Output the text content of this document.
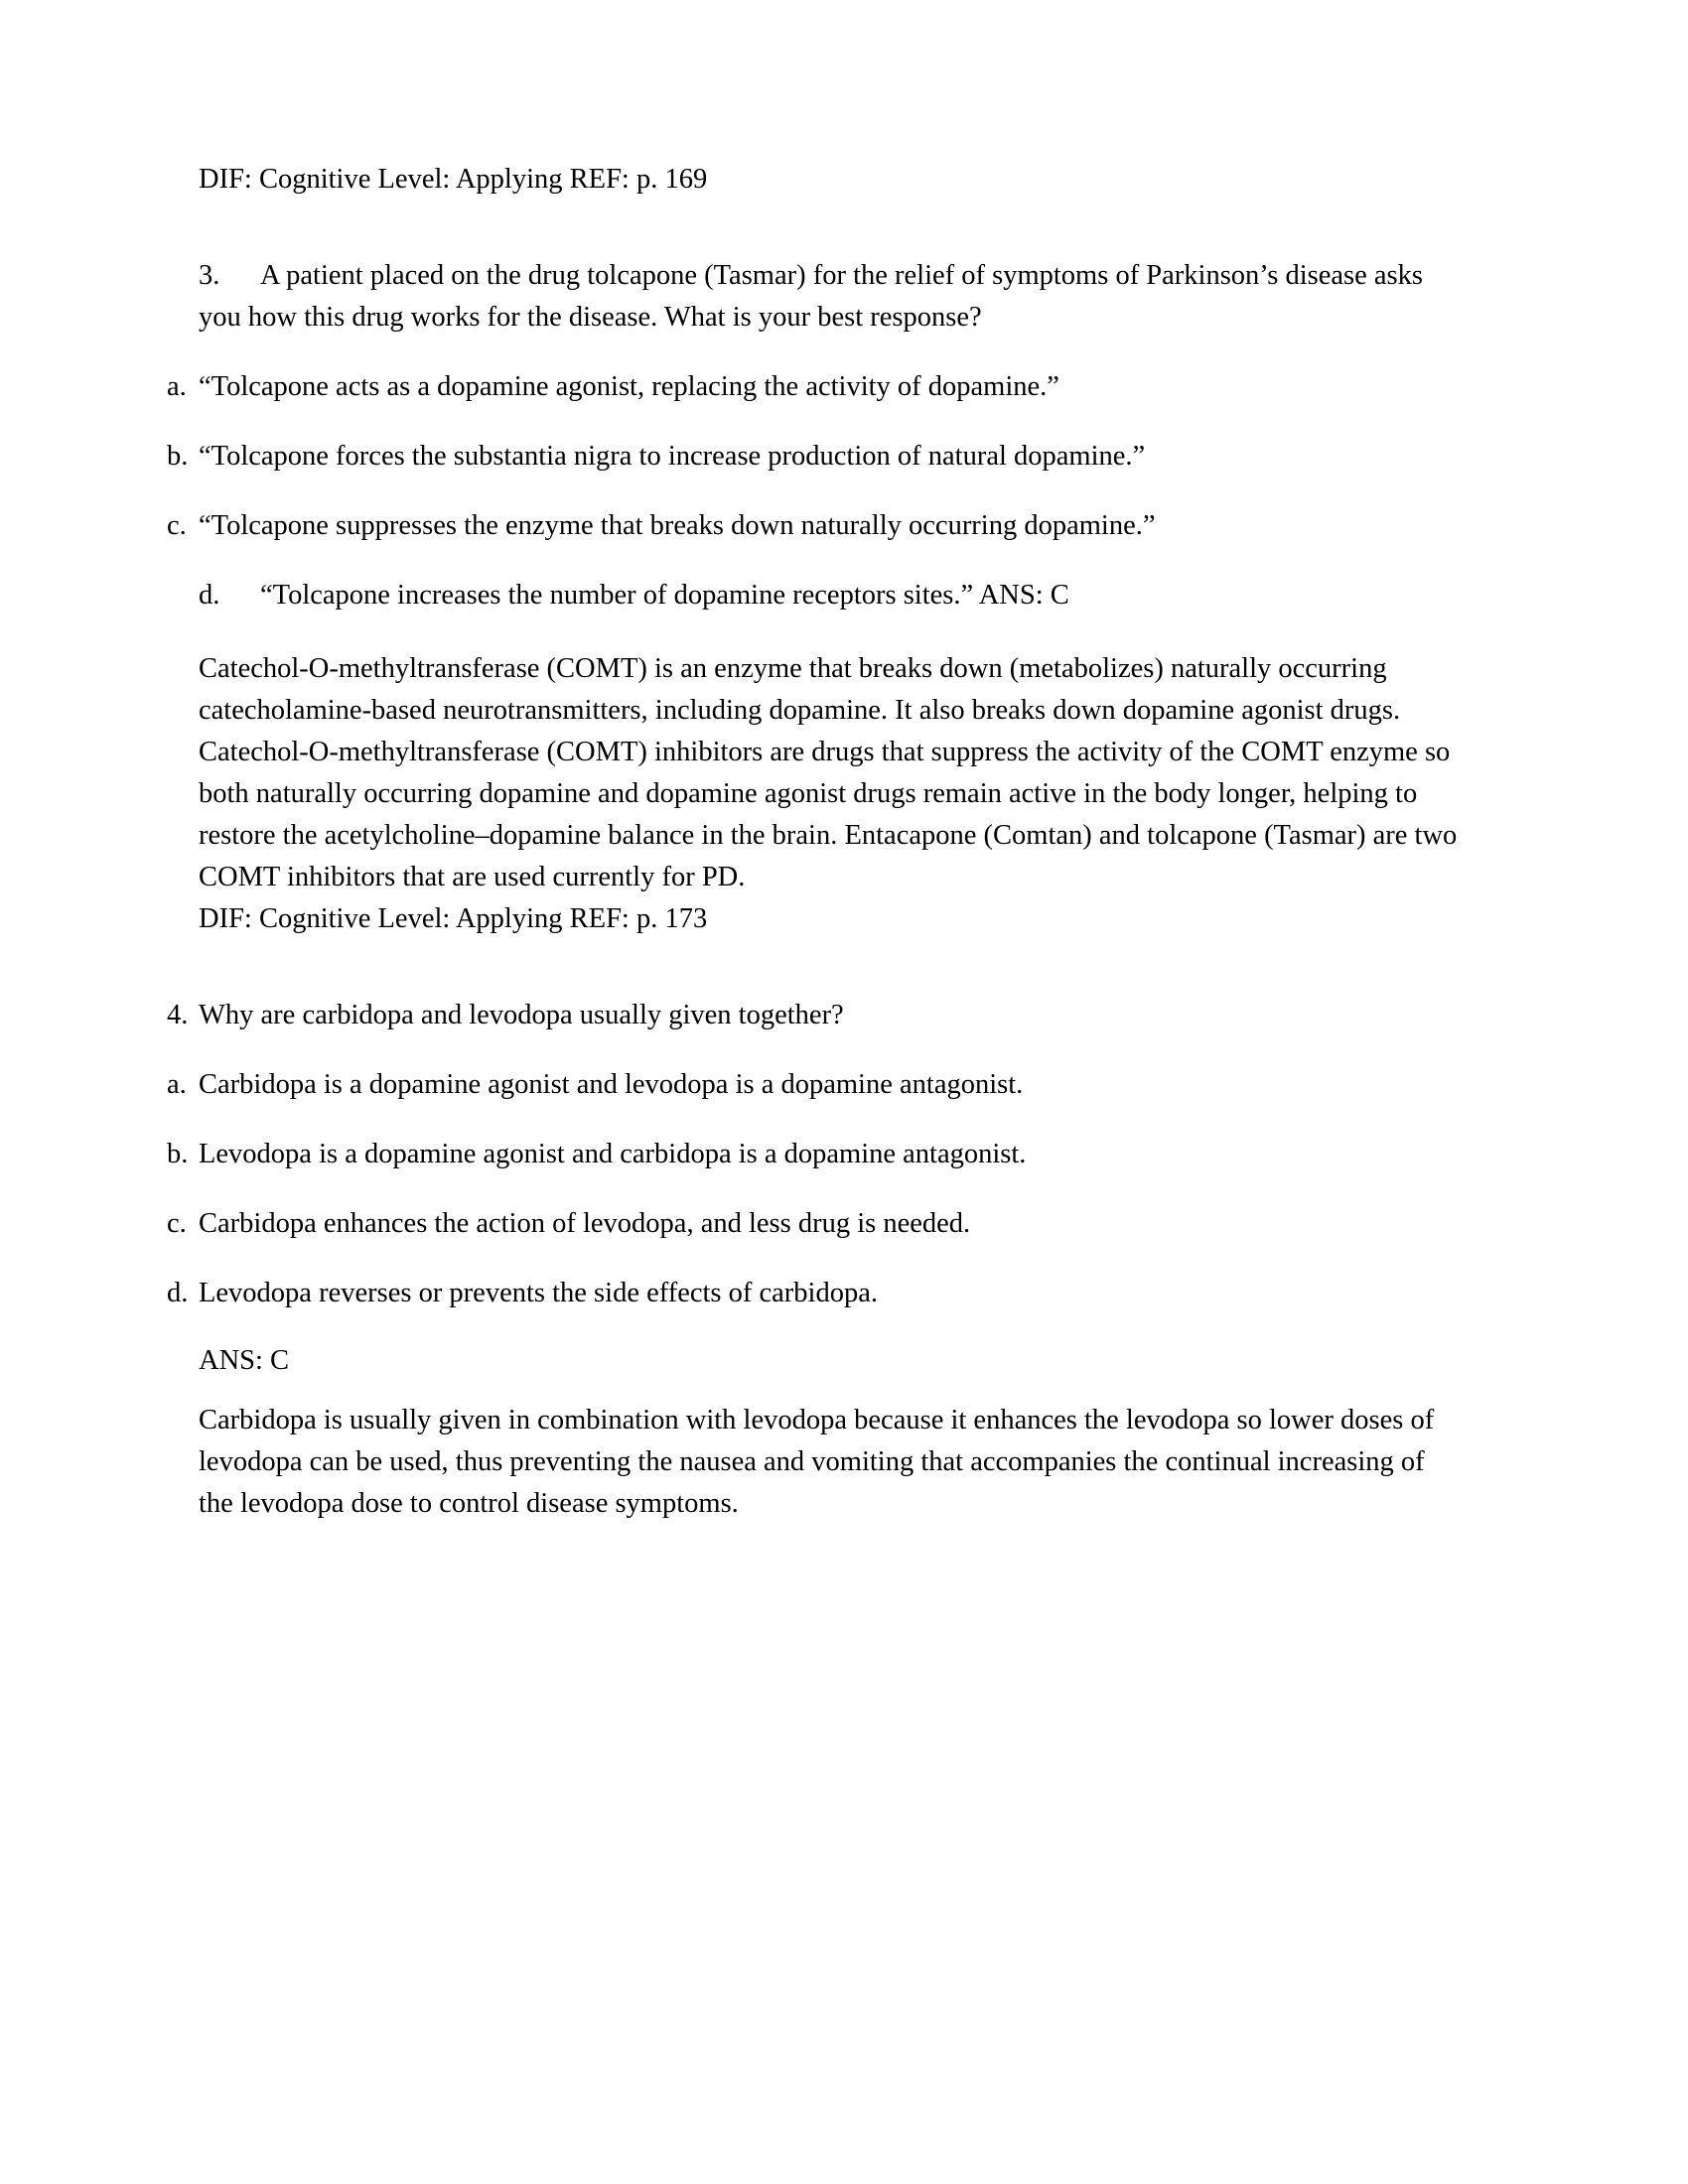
DIF: Cognitive Level: Applying REF: p. 169

3. A patient placed on the drug tolcapone (Tasmar) for the relief of symptoms of Parkinson’s disease asks you how this drug works for the disease. What is your best response?

a. “Tolcapone acts as a dopamine agonist, replacing the activity of dopamine.”

b. “Tolcapone forces the substantia nigra to increase production of natural dopamine.”

c. “Tolcapone suppresses the enzyme that breaks down naturally occurring dopamine.”

d. “Tolcapone increases the number of dopamine receptors sites.” ANS: C

Catechol-O-methyltransferase (COMT) is an enzyme that breaks down (metabolizes) naturally occurring catecholamine-based neurotransmitters, including dopamine. It also breaks down dopamine agonist drugs. Catechol-O-methyltransferase (COMT) inhibitors are drugs that suppress the activity of the COMT enzyme so both naturally occurring dopamine and dopamine agonist drugs remain active in the body longer, helping to restore the acetylcholine–dopamine balance in the brain. Entacapone (Comtan) and tolcapone (Tasmar) are two COMT inhibitors that are used currently for PD.

DIF: Cognitive Level: Applying REF: p. 173

4. Why are carbidopa and levodopa usually given together?

a. Carbidopa is a dopamine agonist and levodopa is a dopamine antagonist.

b. Levodopa is a dopamine agonist and carbidopa is a dopamine antagonist.

c. Carbidopa enhances the action of levodopa, and less drug is needed.

d. Levodopa reverses or prevents the side effects of carbidopa.

ANS: C

Carbidopa is usually given in combination with levodopa because it enhances the levodopa so lower doses of levodopa can be used, thus preventing the nausea and vomiting that accompanies the continual increasing of the levodopa dose to control disease symptoms.
